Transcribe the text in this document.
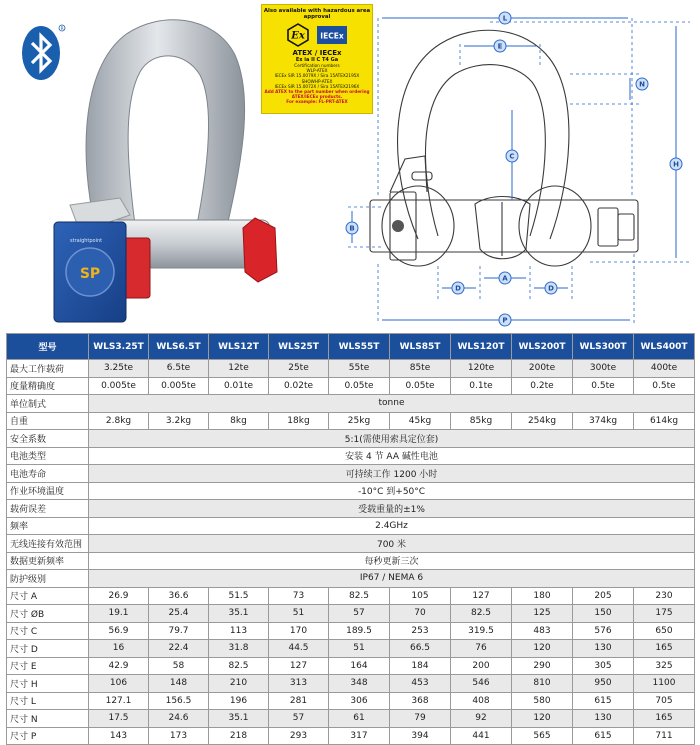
R
SP
straightpoint
Also available with hazardous area approval
Ex IECEx
ATEX / IECEx
Ex ia II C T4 Ga
Certification numbers
WLP-ATEX
IECEx SIR 15.0079X / Sira 15ATEX2195X
SHOWHP-ATEX
IECEx SIR 15.0072X / Sira 15ATEX2196X
Add ATEX to the part number when ordering ATEX/IECEx products.
For example: FL-PRT-ATEX
L
E
N
C
H
B
A
D	D
P
型号	WLS3.25T	WLS6.5T	WLS12T	WLS25T	WLS55T	WLS85T	WLS120T	WLS200T	WLS300T	WLS400T
最大工作载荷	3.25te	6.5te	12te	25te	55te	85te	120te	200te	300te	400te
度量精确度	0.005te	0.005te	0.01te	0.02te	0.05te	0.05te	0.1te	0.2te	0.5te	0.5te
单位制式	tonne									
自重	2.8kg	3.2kg	8kg	18kg	25kg	45kg	85kg	254kg	374kg	614kg
安全系数	5:1(需使用索具定位套)									
电池类型	安装 4 节 AA 碱性电池									
电池寿命	可持续工作 1200 小时									
作业环境温度	-10°C 到+50°C									
载荷误差	受载重量的±1%									
频率	2.4GHz									
无线连接有效范围	700 米									
数据更新频率	每秒更新三次									
防护级别	IP67 / NEMA 6									
尺寸 A	26.9	36.6	51.5	73	82.5	105	127	180	205	230
尺寸 ØB	19.1	25.4	35.1	51	57	70	82.5	125	150	175
尺寸 C	56.9	79.7	113	170	189.5	253	319.5	483	576	650
尺寸 D	16	22.4	31.8	44.5	51	66.5	76	120	130	165
尺寸 E	42.9	58	82.5	127	164	184	200	290	305	325
尺寸 H	106	148	210	313	348	453	546	810	950	1100
尺寸 L	127.1	156.5	196	281	306	368	408	580	615	705
尺寸 N	17.5	24.6	35.1	57	61	79	92	120	130	165
尺寸 P	143	173	218	293	317	394	441	565	615	711
